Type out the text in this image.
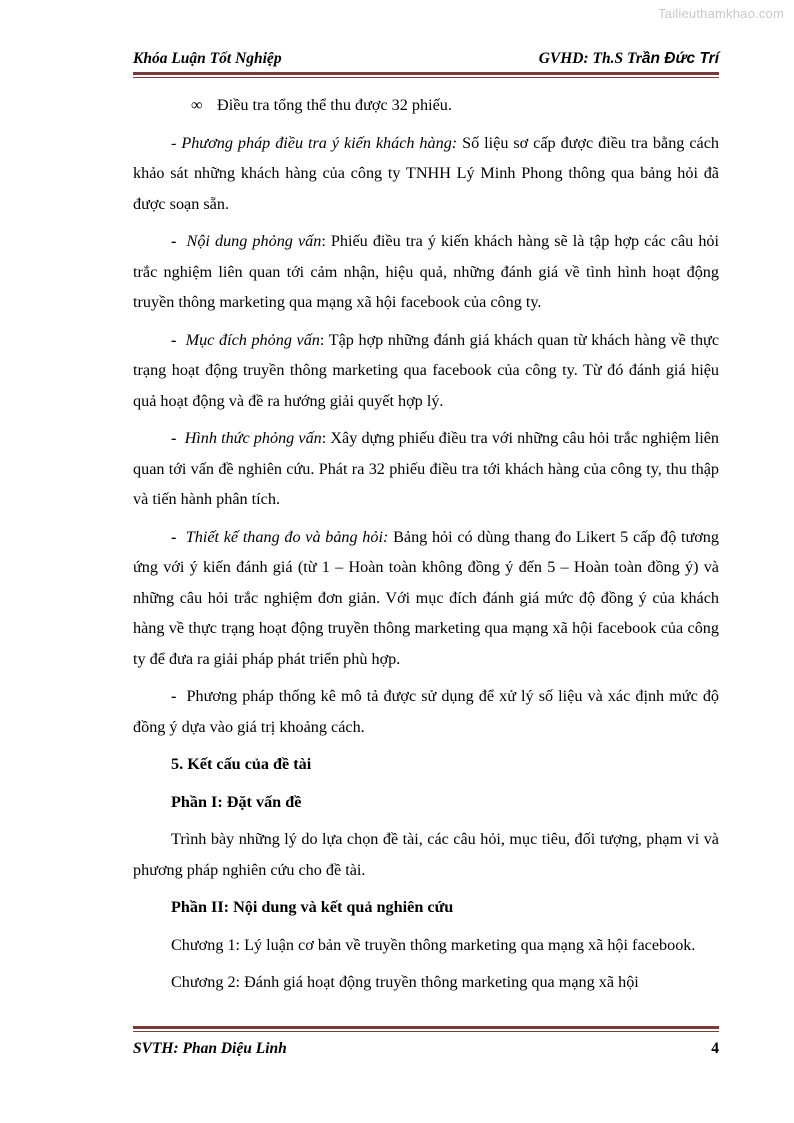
Tailieuthamkhao.com
Khóa Luận Tốt Nghiệp	GVHD: Th.S Trần Đức Trí

∞ Điều tra tổng thể thu được 32 phiếu.

- Phương pháp điều tra ý kiến khách hàng: Số liệu sơ cấp được điều tra bằng cách khảo sát những khách hàng của công ty TNHH Lý Minh Phong thông qua bảng hỏi đã được soạn sẵn.

- Nội dung phỏng vấn: Phiếu điều tra ý kiến khách hàng sẽ là tập hợp các câu hỏi trắc nghiệm liên quan tới cảm nhận, hiệu quả, những đánh giá về tình hình hoạt động truyền thông marketing qua mạng xã hội facebook của công ty.

- Mục đích phỏng vấn: Tập hợp những đánh giá khách quan từ khách hàng về thực trạng hoạt động truyền thông marketing qua facebook của công ty. Từ đó đánh giá hiệu quả hoạt động và đề ra hướng giải quyết hợp lý.

- Hình thức phỏng vấn: Xây dựng phiếu điều tra với những câu hỏi trắc nghiệm liên quan tới vấn đề nghiên cứu. Phát ra 32 phiếu điều tra tới khách hàng của công ty, thu thập và tiến hành phân tích.

- Thiết kế thang đo và bảng hỏi: Bảng hỏi có dùng thang đo Likert 5 cấp độ tương ứng với ý kiến đánh giá (từ 1 – Hoàn toàn không đồng ý đến 5 – Hoàn toàn đồng ý) và những câu hỏi trắc nghiệm đơn giản. Với mục đích đánh giá mức độ đồng ý của khách hàng về thực trạng hoạt động truyền thông marketing qua mạng xã hội facebook của công ty để đưa ra giải pháp phát triển phù hợp.

- Phương pháp thống kê mô tả được sử dụng để xử lý số liệu và xác định mức độ đồng ý dựa vào giá trị khoảng cách.

5. Kết cấu của đề tài

Phần I: Đặt vấn đề

Trình bày những lý do lựa chọn đề tài, các câu hỏi, mục tiêu, đối tượng, phạm vi và phương pháp nghiên cứu cho đề tài.

Phần II: Nội dung và kết quả nghiên cứu

Chương 1: Lý luận cơ bản về truyền thông marketing qua mạng xã hội facebook.

Chương 2: Đánh giá hoạt động truyền thông marketing qua mạng xã hội

SVTH: Phan Diệu Linh	4
